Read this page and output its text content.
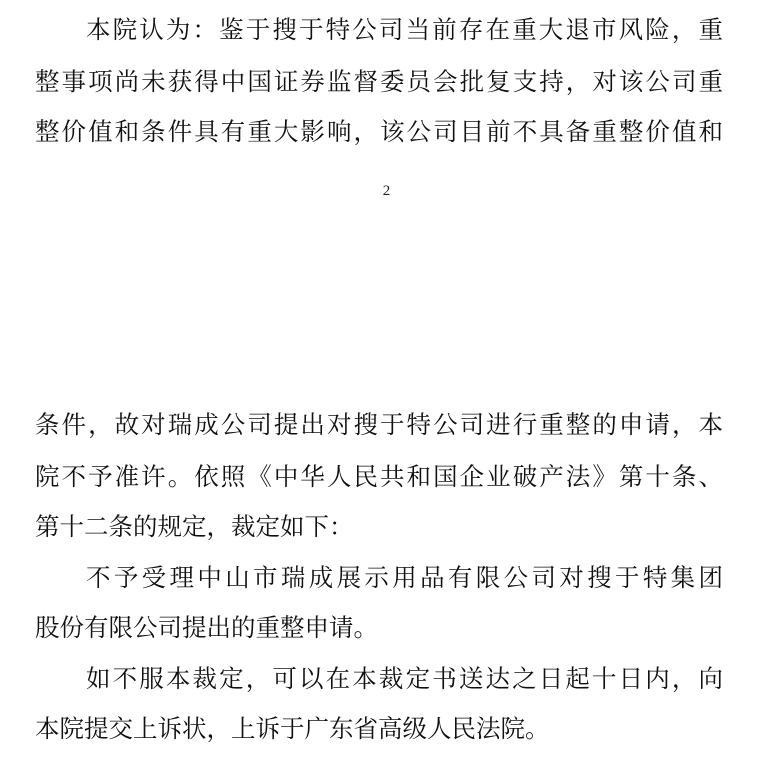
本院认为：鉴于搜于特公司当前存在重大退市风险，重

整事项尚未获得中国证券监督委员会批复支持，对该公司重

整价值和条件具有重大影响，该公司目前不具备重整价值和

2

条件，故对瑞成公司提出对搜于特公司进行重整的申请，本

院不予准许。依照《中华人民共和国企业破产法》第十条、

第十二条的规定，裁定如下：

不予受理中山市瑞成展示用品有限公司对搜于特集团

股份有限公司提出的重整申请。

如不服本裁定，可以在本裁定书送达之日起十日内，向

本院提交上诉状，上诉于广东省高级人民法院。
